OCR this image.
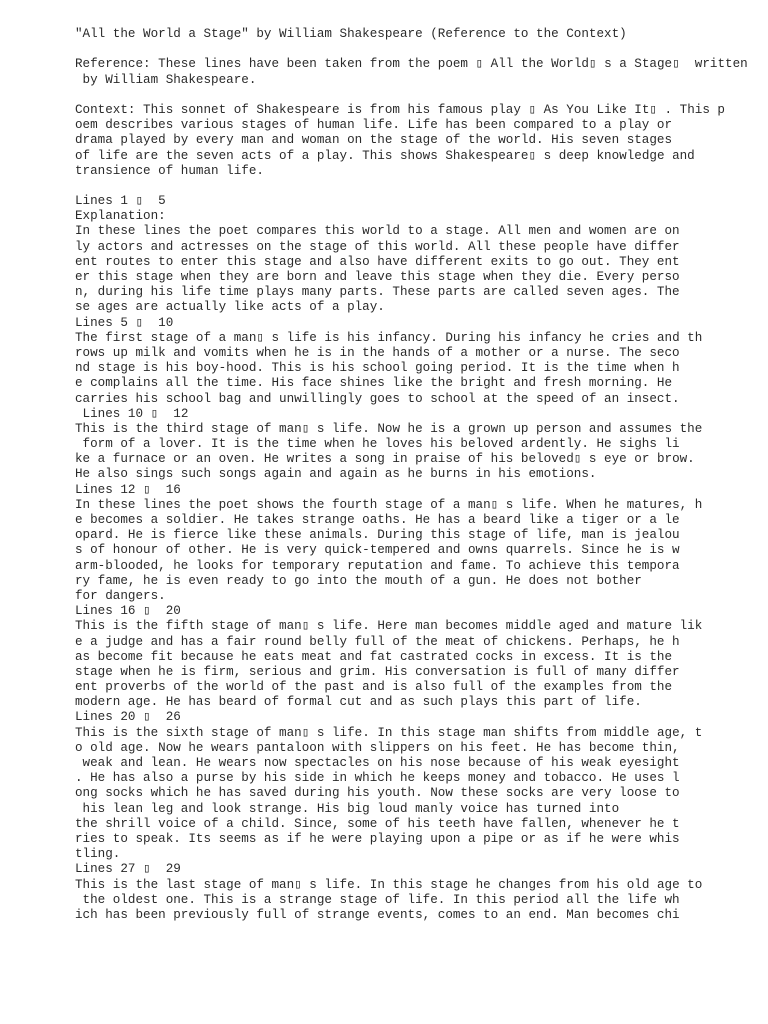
"All the World a Stage" by William Shakespeare (Reference to the Context)
Reference: These lines have been taken from the poem ▯ All the World▯ s a Stage▯  written
by William Shakespeare.
Context: This sonnet of Shakespeare is from his famous play ▯ As You Like It▯ . This p
oem describes various stages of human life. Life has been compared to a play or
drama played by every man and woman on the stage of the world. His seven stages
of life are the seven acts of a play. This shows Shakespeare▯ s deep knowledge and
transience of human life.
Lines 1 ▯  5
Explanation:
In these lines the poet compares this world to a stage. All men and women are on
ly actors and actresses on the stage of this world. All these people have differ
ent routes to enter this stage and also have different exits to go out. They ent
er this stage when they are born and leave this stage when they die. Every perso
n, during his life time plays many parts. These parts are called seven ages. The
se ages are actually like acts of a play.
Lines 5 ▯  10
The first stage of a man▯ s life is his infancy. During his infancy he cries and th
rows up milk and vomits when he is in the hands of a mother or a nurse. The seco
nd stage is his boy-hood. This is his school going period. It is the time when h
e complains all the time. His face shines like the bright and fresh morning. He
carries his school bag and unwillingly goes to school at the speed of an insect.
Lines 10 ▯  12
This is the third stage of man▯ s life. Now he is a grown up person and assumes the
form of a lover. It is the time when he loves his beloved ardently. He sighs li
ke a furnace or an oven. He writes a song in praise of his beloved▯ s eye or brow.
He also sings such songs again and again as he burns in his emotions.
Lines 12 ▯  16
In these lines the poet shows the fourth stage of a man▯ s life. When he matures, h
e becomes a soldier. He takes strange oaths. He has a beard like a tiger or a le
opard. He is fierce like these animals. During this stage of life, man is jealou
s of honour of other. He is very quick-tempered and owns quarrels. Since he is w
arm-blooded, he looks for temporary reputation and fame. To achieve this tempora
ry fame, he is even ready to go into the mouth of a gun. He does not bother
for dangers.
Lines 16 ▯  20
This is the fifth stage of man▯ s life. Here man becomes middle aged and mature lik
e a judge and has a fair round belly full of the meat of chickens. Perhaps, he h
as become fit because he eats meat and fat castrated cocks in excess. It is the
stage when he is firm, serious and grim. His conversation is full of many differ
ent proverbs of the world of the past and is also full of the examples from the
modern age. He has beard of formal cut and as such plays this part of life.
Lines 20 ▯  26
This is the sixth stage of man▯ s life. In this stage man shifts from middle age, t
o old age. Now he wears pantaloon with slippers on his feet. He has become thin,
weak and lean. He wears now spectacles on his nose because of his weak eyesight
. He has also a purse by his side in which he keeps money and tobacco. He uses l
ong socks which he has saved during his youth. Now these socks are very loose to
his lean leg and look strange. His big loud manly voice has turned into
the shrill voice of a child. Since, some of his teeth have fallen, whenever he t
ries to speak. Its seems as if he were playing upon a pipe or as if he were whis
tling.
Lines 27 ▯  29
This is the last stage of man▯ s life. In this stage he changes from his old age to
the oldest one. This is a strange stage of life. In this period all the life wh
ich has been previously full of strange events, comes to an end. Man becomes chi
